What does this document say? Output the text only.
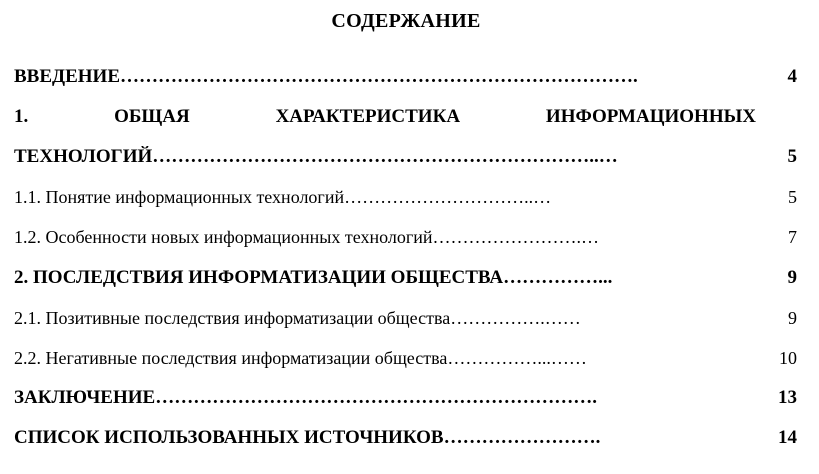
СОДЕРЖАНИЕ
ВВЕДЕНИЕ……………………………………………………………………….	4
1.	ОБЩАЯ	ХАРАКТЕРИСТИКА	ИНФОРМАЦИОННЫХ
ТЕХНОЛОГИЙ……………………………………………………………..…	5
1.1. Понятие информационных технологий…………………………..…	5
1.2. Особенности новых информационных технологий…………………….…	7
2. ПОСЛЕДСТВИЯ ИНФОРМАТИЗАЦИИ ОБЩЕСТВА……………...	9
2.1. Позитивные последствия информатизации общества…………….……	9
2.2. Негативные последствия информатизации общества……………...……	10
ЗАКЛЮЧЕНИЕ…………………………………………………………….	13
СПИСОК ИСПОЛЬЗОВАННЫХ ИСТОЧНИКОВ…………………….	14
